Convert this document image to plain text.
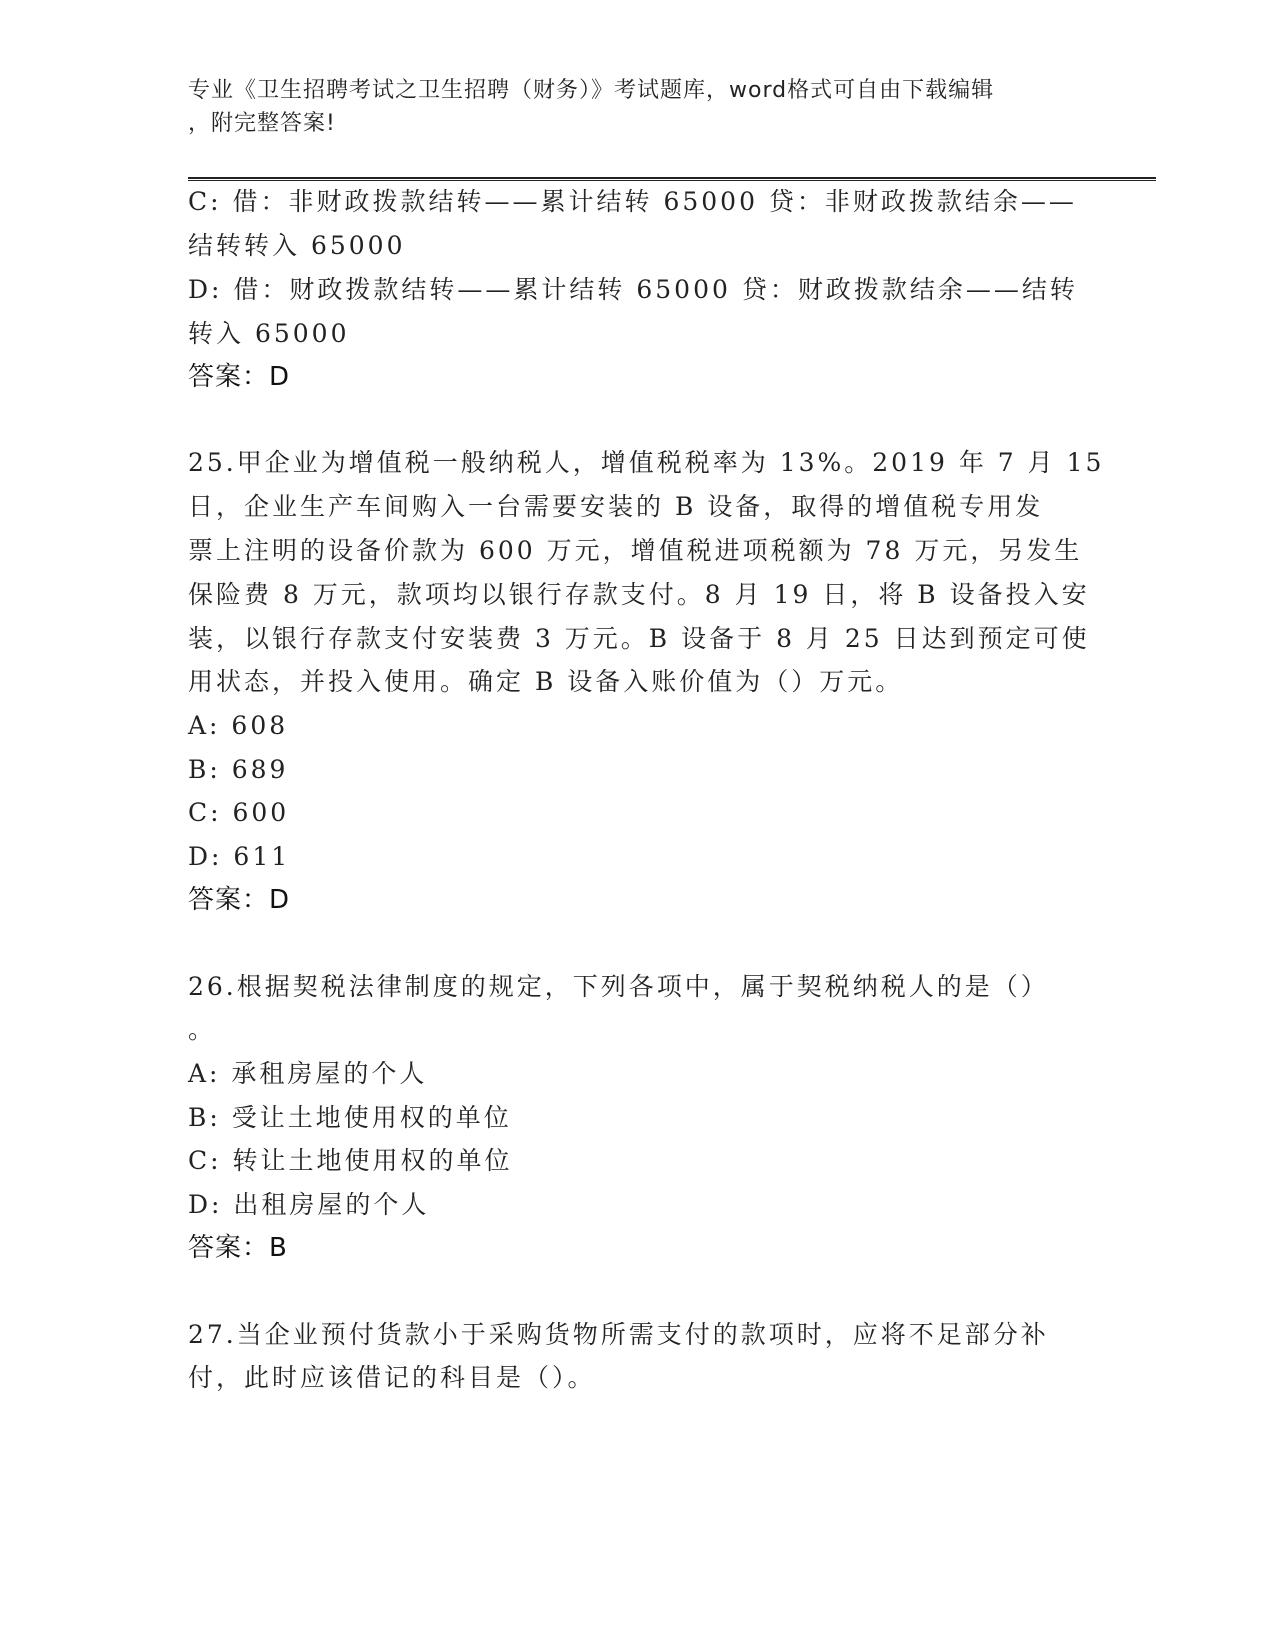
专业《卫生招聘考试之卫生招聘（财务）》考试题库，word格式可自由下载编辑
，附完整答案!
C: 借：非财政拨款结转——累计结转 65000 贷：非财政拨款结余——
结转转入 65000
D: 借：财政拨款结转——累计结转 65000 贷：财政拨款结余——结转
转入 65000
答案：D
25.甲企业为增值税一般纳税人，增值税税率为 13%。2019 年 7 月 15
日，企业生产车间购入一台需要安装的 B 设备，取得的增值税专用发
票上注明的设备价款为 600 万元，增值税进项税额为 78 万元，另发生
保险费 8 万元，款项均以银行存款支付。8 月 19 日，将 B 设备投入安
装，以银行存款支付安装费 3 万元。B 设备于 8 月 25 日达到预定可使
用状态，并投入使用。确定 B 设备入账价值为（）万元。
A: 608
B: 689
C: 600
D: 611
答案：D
26.根据契税法律制度的规定，下列各项中，属于契税纳税人的是（）
。
A: 承租房屋的个人
B: 受让土地使用权的单位
C: 转让土地使用权的单位
D: 出租房屋的个人
答案：B
27.当企业预付货款小于采购货物所需支付的款项时，应将不足部分补
付，此时应该借记的科目是（）。
